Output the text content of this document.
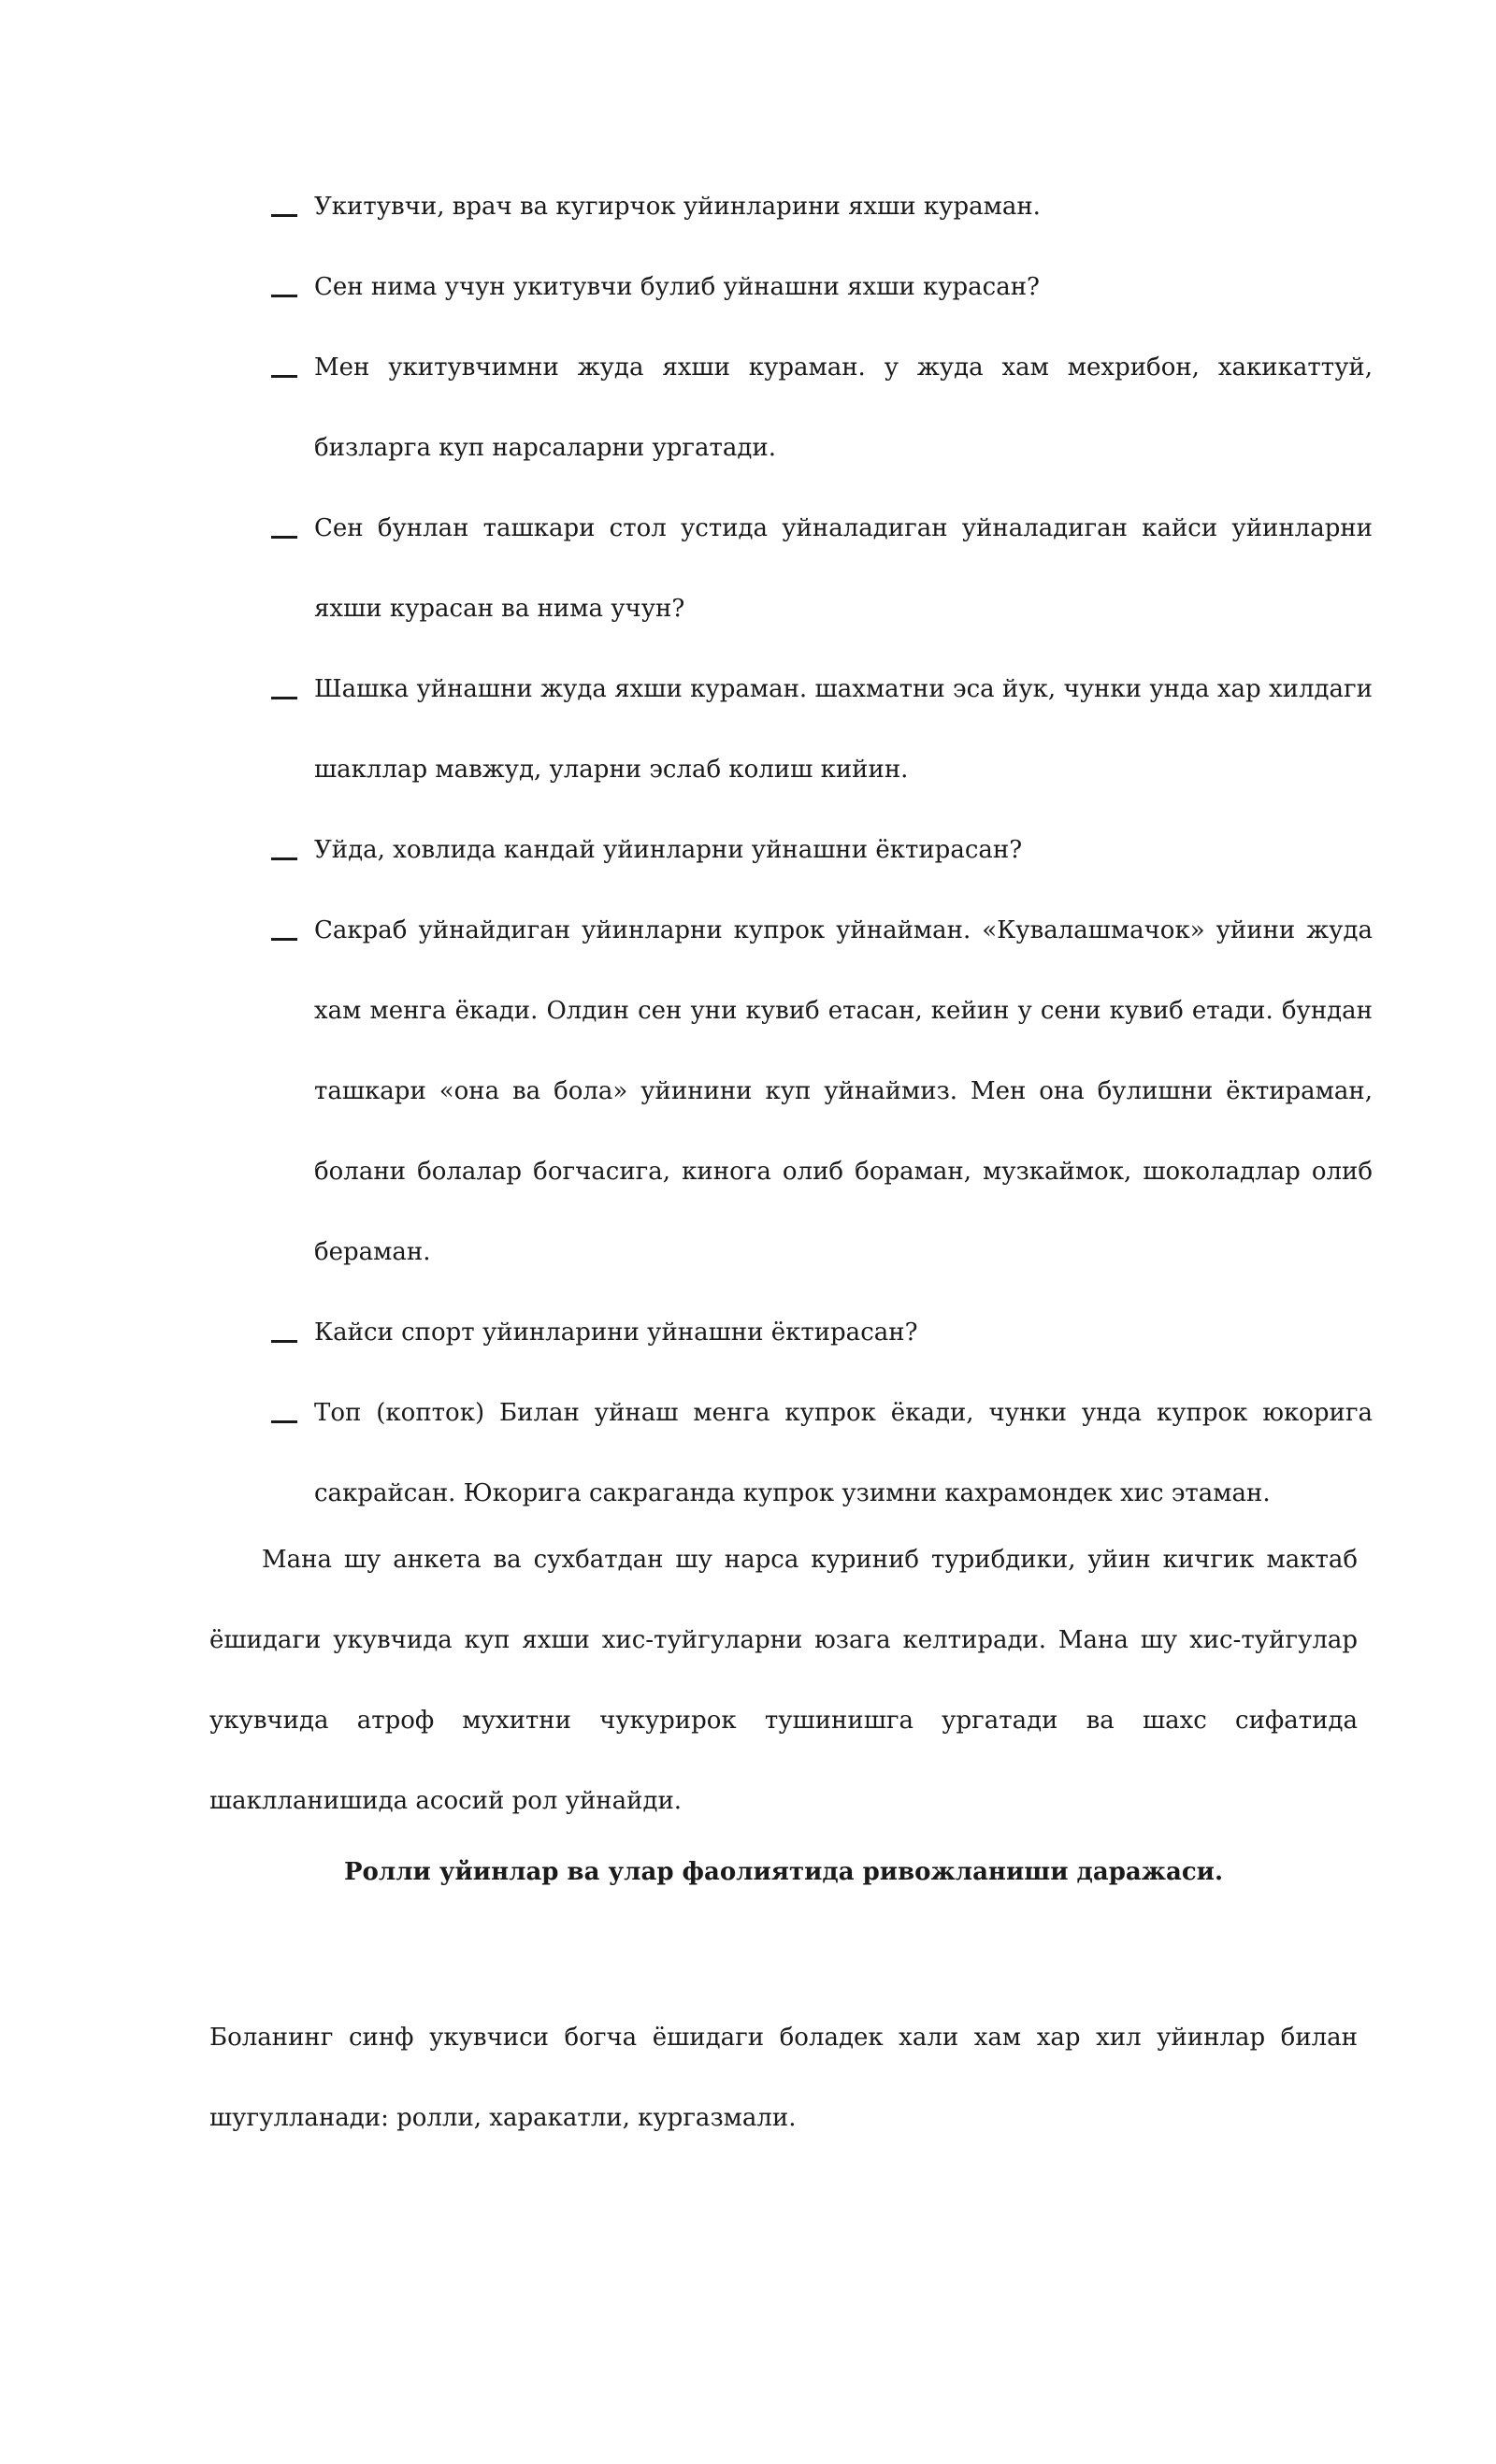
Укитувчи, врач ва кугирчок уйинларини яхши кураман.
Сен нима учун укитувчи булиб уйнашни яхши курасан?
Мен укитувчимни жуда яхши кураман. у жуда хам мехрибон, хакикаттуй, бизларга куп нарсаларни ургатади.
Сен бунлан ташкари стол устида уйналадиган уйналадиган кайси уйинларни яхши курасан ва нима учун?
Шашка уйнашни жуда яхши кураман. шахматни эса йук, чунки унда хар хилдаги шакллар мавжуд, уларни эслаб колиш кийин.
Уйда, ховлида кандай уйинларни уйнашни ёктирасан?
Сакраб уйнайдиган уйинларни купрок уйнайман. «Кувалашмачок» уйини жуда хам менга ёкади. Олдин сен уни кувиб етасан, кейин у сени кувиб етади. бундан ташкари «она ва бола» уйинини куп уйнаймиз. Мен она булишни ёктираман, болани болалар богчасига, кинога олиб бораман, музкаймок, шоколадлар олиб бераман.
Кайси спорт уйинларини уйнашни ёктирасан?
Топ (копток) Билан уйнаш менга купрок ёкади, чунки унда купрок юкорига сакрайсан. Юкорига сакраганда купрок узимни кахрамондек хис этаман.
Мана шу анкета ва сухбатдан шу нарса куриниб турибдики, уйин кичгик мактаб ёшидаги укувчида куп яхши хис-туйгуларни юзага келтиради. Мана шу хис-туйгулар укувчида атроф мухитни чукурирок тушинишга ургатади ва шахс сифатида шаклланишида асосий рол уйнайди.
Ролли уйинлар ва улар фаолиятида ривожланиши даражаси.
Боланинг синф укувчиси богча ёшидаги боладек хали хам хар хил уйинлар билан шугулланади: ролли, харакатли, кургазмали.
